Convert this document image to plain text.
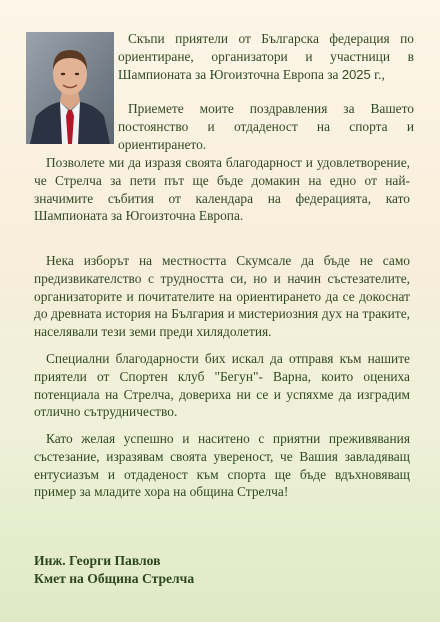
Скъпи приятели от Българска федерация по ориентиране, организатори и участници в Шампионата за Югоизточна Европа за 2025 г.,

Приемете моите поздравления за Вашето постоянство и отдаденост на спорта и ориентирането.

Позволете ми да изразя своята благодарност и удовлетворение, че Стрелча за пети път ще бъде домакин на едно от най-значимите събития от календара на федерацията, като Шампионата за Югоизточна Европа.

Нека изборът на местността Скумсале да бъде не само предизвикателство с трудността си, но и начин състезателите, организаторите и почитателите на ориентирането да се докоснат до древната история на България и мистериозния дух на траките, населявали тези земи преди хилядолетия.

Специални благодарности бих искал да отправя към нашите приятели от Спортен клуб "Бегун"- Варна, които оцениха потенциала на Стрелча, довериха ни се и успяхме да изградим отлично сътрудничество.

Като желая успешно и наситено с приятни преживявания състезание, изразявам своята увереност, че Вашия завладяващ ентусиазъм и отдаденост към спорта ще бъде вдъхновяващ пример за младите хора на община Стрелча!

Инж. Георги Павлов
Кмет на Община Стрелча
